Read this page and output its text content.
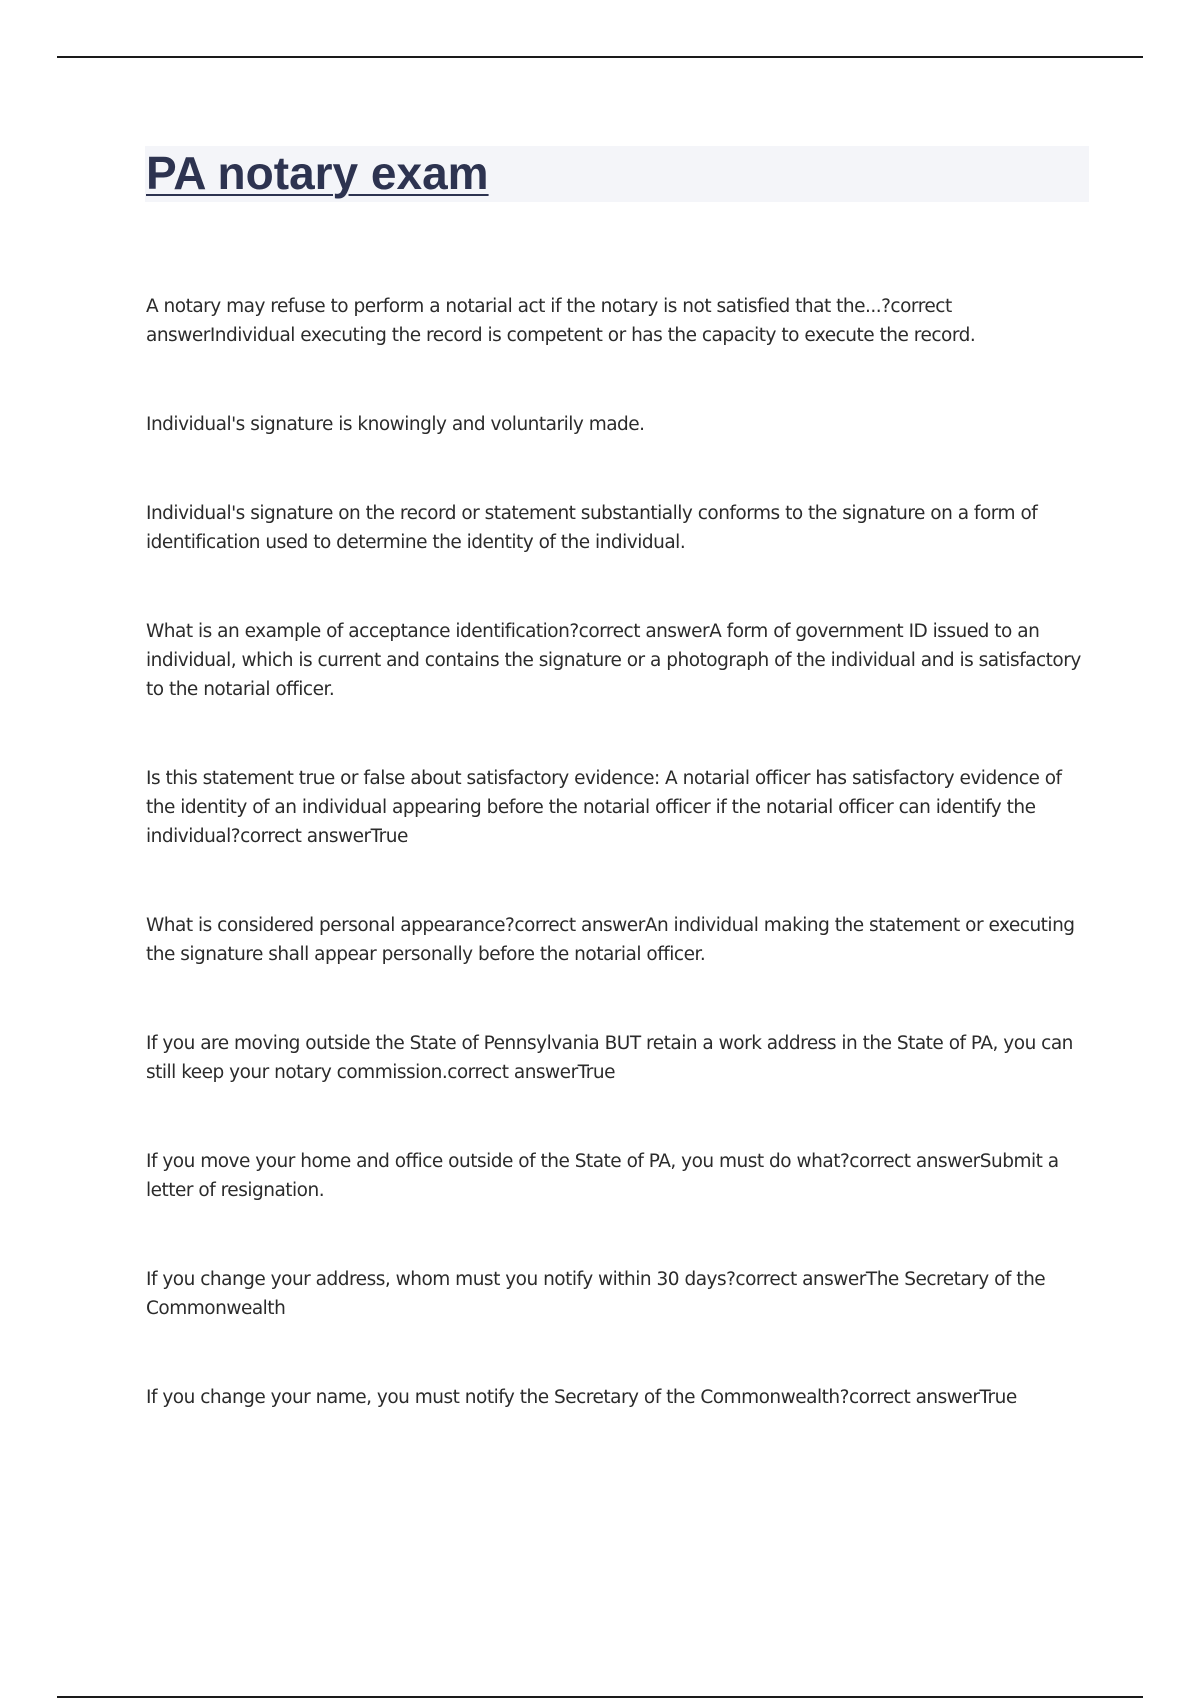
PA notary exam

A notary may refuse to perform a notarial act if the notary is not satisfied that the...?correct answerIndividual executing the record is competent or has the capacity to execute the record.

Individual's signature is knowingly and voluntarily made.

Individual's signature on the record or statement substantially conforms to the signature on a form of identification used to determine the identity of the individual.

What is an example of acceptance identification?correct answerA form of government ID issued to an individual, which is current and contains the signature or a photograph of the individual and is satisfactory to the notarial officer.

Is this statement true or false about satisfactory evidence: A notarial officer has satisfactory evidence of the identity of an individual appearing before the notarial officer if the notarial officer can identify the individual?correct answerTrue

What is considered personal appearance?correct answerAn individual making the statement or executing the signature shall appear personally before the notarial officer.

If you are moving outside the State of Pennsylvania BUT retain a work address in the State of PA, you can still keep your notary commission.correct answerTrue

If you move your home and office outside of the State of PA, you must do what?correct answerSubmit a letter of resignation.

If you change your address, whom must you notify within 30 days?correct answerThe Secretary of the Commonwealth

If you change your name, you must notify the Secretary of the Commonwealth?correct answerTrue
